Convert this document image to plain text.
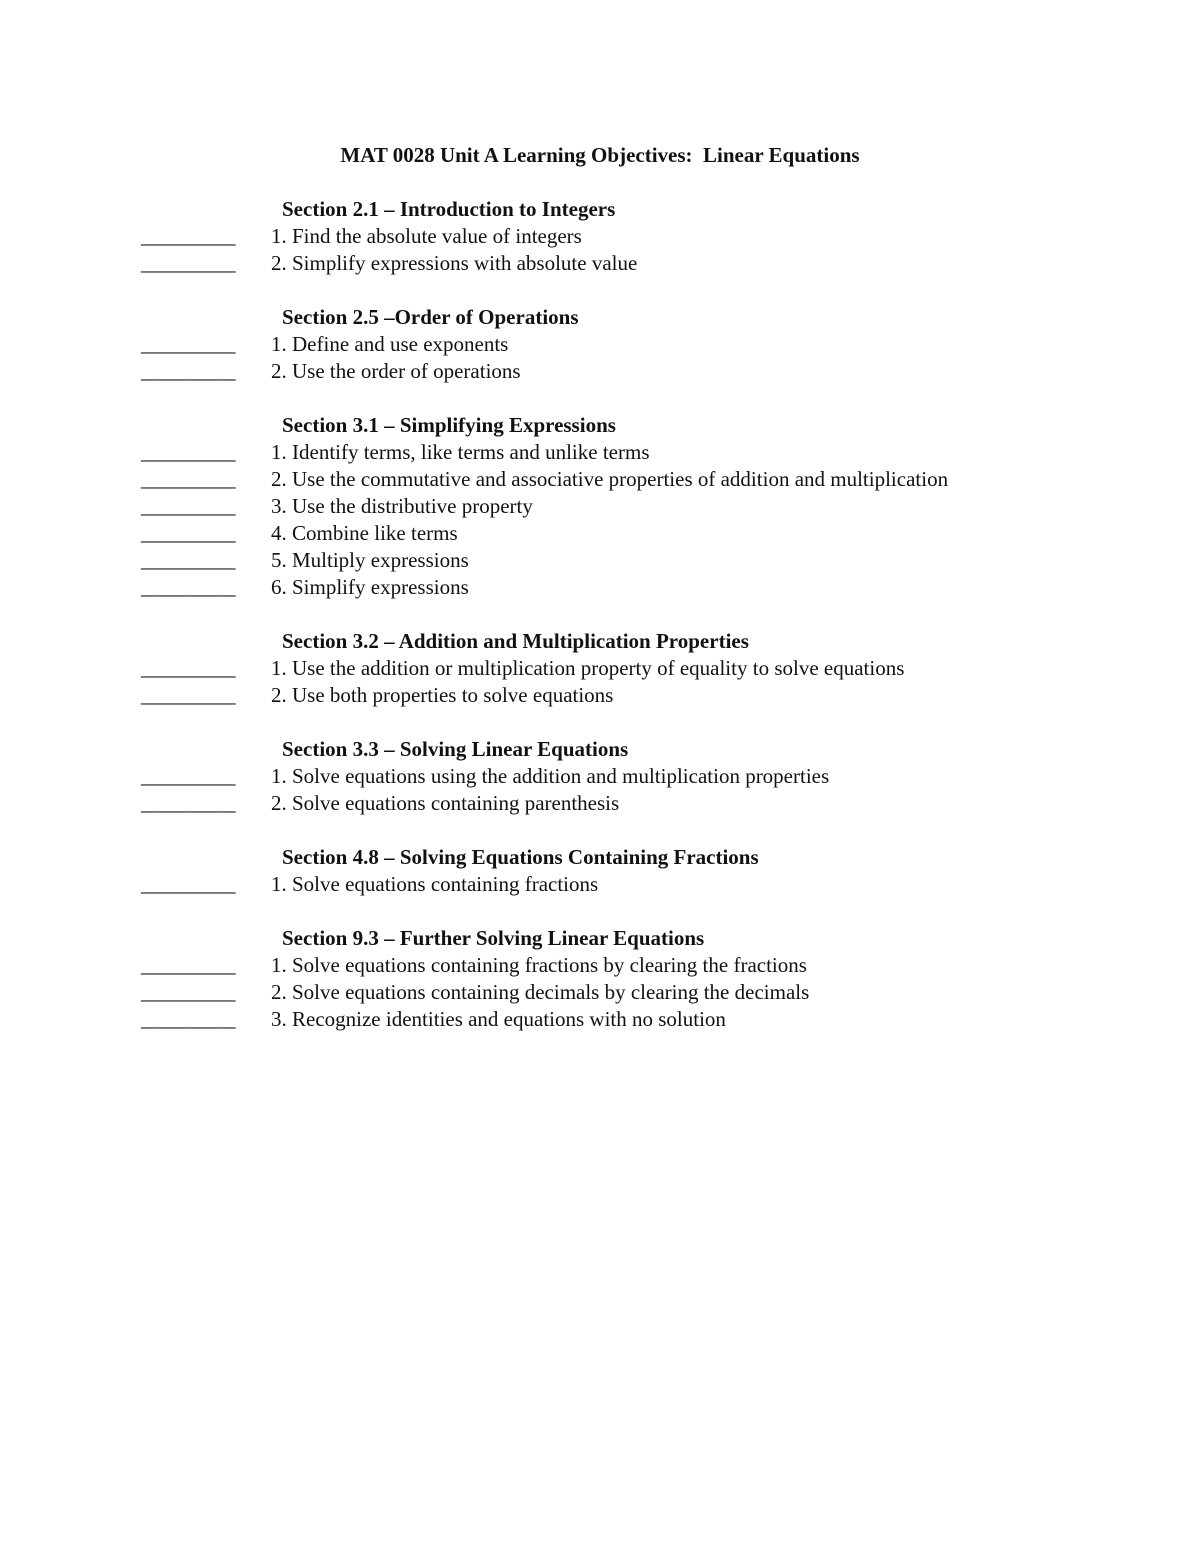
MAT 0028 Unit A Learning Objectives:  Linear Equations
Section 2.1 – Introduction to Integers
_________ 1. Find the absolute value of integers
_________ 2. Simplify expressions with absolute value
Section 2.5 –Order of Operations
_________ 1. Define and use exponents
_________ 2. Use the order of operations
Section 3.1 – Simplifying Expressions
_________ 1. Identify terms, like terms and unlike terms
_________ 2. Use the commutative and associative properties of addition and multiplication
_________ 3. Use the distributive property
_________ 4. Combine like terms
_________ 5. Multiply expressions
_________ 6. Simplify expressions
Section 3.2 – Addition and Multiplication Properties
_________ 1. Use the addition or multiplication property of equality to solve equations
_________ 2. Use both properties to solve equations
Section 3.3 – Solving Linear Equations
_________ 1. Solve equations using the addition and multiplication properties
_________ 2. Solve equations containing parenthesis
Section 4.8 – Solving Equations Containing Fractions
_________ 1. Solve equations containing fractions
Section 9.3 – Further Solving Linear Equations
_________ 1. Solve equations containing fractions by clearing the fractions
_________ 2. Solve equations containing decimals by clearing the decimals
_________ 3. Recognize identities and equations with no solution
